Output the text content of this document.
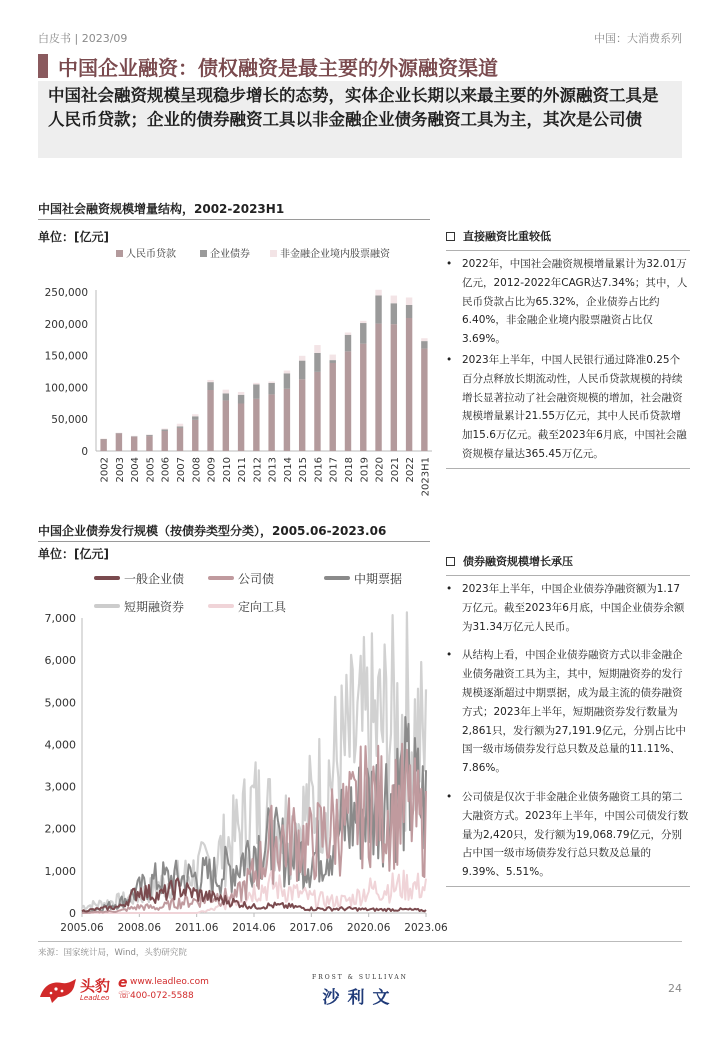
白皮书 | 2023/09	中国：大消费系列
中国企业融资：债权融资是最主要的外源融资渠道
中国社会融资规模呈现稳步增长的态势，实体企业长期以来最主要的外源融资工具是人民币贷款；企业的债券融资工具以非金融企业债务融资工具为主，其次是公司债
中国社会融资规模增量结构，2002-2023H1
单位：[亿元]
人民币贷款	企业债券	非金融企业境内股票融资
0
50,000
100,000
150,000
200,000
250,000
2002 2003 2004 2005 2006 2007 2008 2009 2010 2011 2012 2013 2014 2015 2016 2017 2018 2019 2020 2021 2022 2023H1
直接融资比重较低
• 2022年，中国社会融资规模增量累计为32.01万亿元，2012-2022年CAGR达7.34%；其中，人民币贷款占比为65.32%，企业债券占比约6.40%，非金融企业境内股票融资占比仅3.69%。
• 2023年上半年，中国人民银行通过降准0.25个百分点释放长期流动性，人民币贷款规模的持续增长显著拉动了社会融资规模的增加，社会融资规模增量累计21.55万亿元，其中人民币贷款增加15.6万亿元。截至2023年6月底，中国社会融资规模存量达365.45万亿元。
中国企业债券发行规模（按债券类型分类），2005.06-2023.06
单位：[亿元]
一般企业债	公司债	中期票据
短期融资券	定向工具
0
1,000
2,000
3,000
4,000
5,000
6,000
7,000
2005.06 2008.06 2011.06 2014.06 2017.06 2020.06 2023.06
债券融资规模增长承压
• 2023年上半年，中国企业债券净融资额为1.17万亿元。截至2023年6月底，中国企业债券余额为31.34万亿元人民币。
• 从结构上看，中国企业债券融资方式以非金融企业债务融资工具为主，其中，短期融资券的发行规模逐渐超过中期票据，成为最主流的债券融资方式；2023年上半年，短期融资券发行数量为2,861只，发行额为27,191.9亿元，分别占比中国一级市场债券发行总只数及总量的11.11%、7.86%。
• 公司债是仅次于非金融企业债务融资工具的第二大融资方式。2023年上半年，中国公司债发行数量为2,420只，发行额为19,068.79亿元，分别占中国一级市场债券发行总只数及总量的9.39%、5.51%。
来源：国家统计局，Wind，头豹研究院
头豹
LeadLeo
e www.leadleo.com
☏ 400-072-5588
FROST & SULLIVAN
沙利文	24
